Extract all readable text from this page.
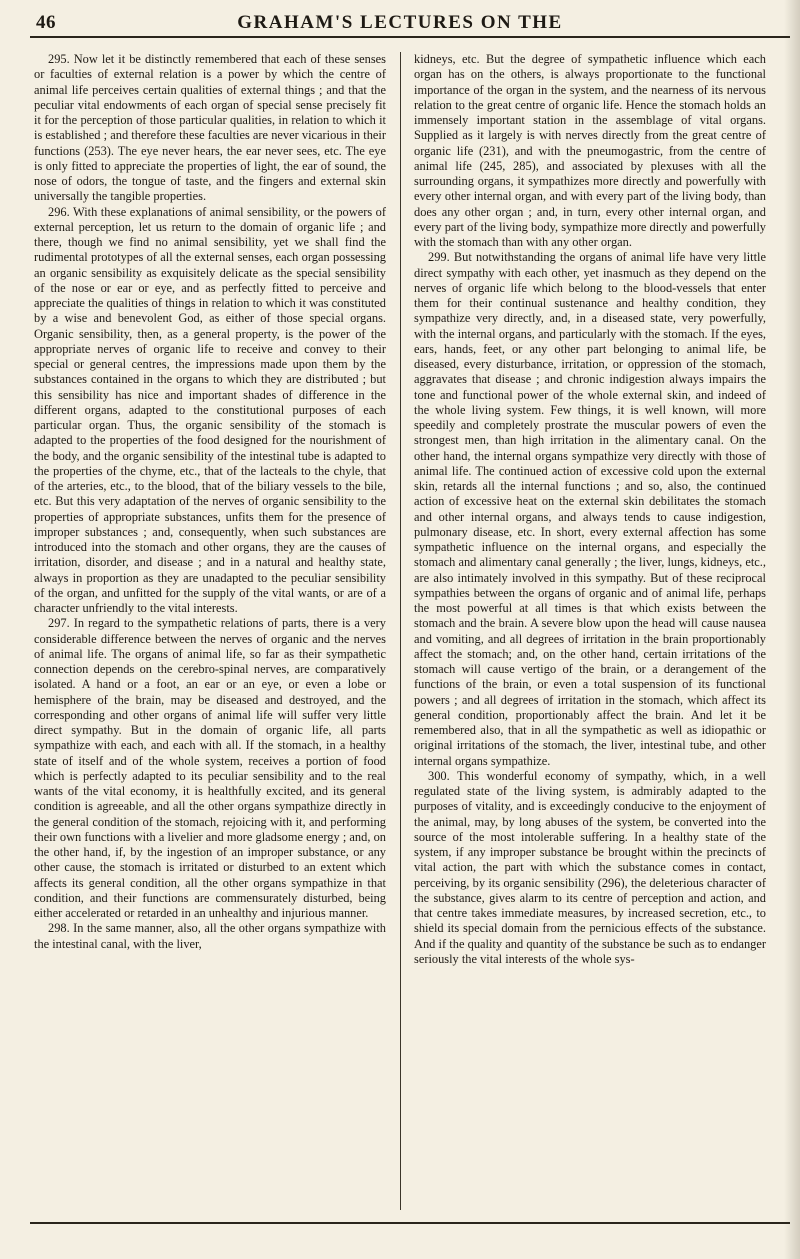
46	GRAHAM'S LECTURES ON THE

295. Now let it be distinctly remembered that each of these senses or faculties of external relation is a power by which the centre of animal life perceives certain qualities of external things ; and that the peculiar vital endowments of each organ of special sense precisely fit it for the perception of those particular qualities, in relation to which it is established ; and therefore these faculties are never vicarious in their functions (253). The eye never hears, the ear never sees, etc. The eye is only fitted to appreciate the properties of light, the ear of sound, the nose of odors, the tongue of taste, and the fingers and external skin universally the tangible properties.

296. With these explanations of animal sensibility, or the powers of external perception, let us return to the domain of organic life ; and there, though we find no animal sensibility, yet we shall find the rudimental prototypes of all the external senses, each organ possessing an organic sensibility as exquisitely delicate as the special sensibility of the nose or ear or eye, and as perfectly fitted to perceive and appreciate the qualities of things in relation to which it was constituted by a wise and benevolent God, as either of those special organs. Organic sensibility, then, as a general property, is the power of the appropriate nerves of organic life to receive and convey to their special or general centres, the impressions made upon them by the substances contained in the organs to which they are distributed ; but this sensibility has nice and important shades of difference in the different organs, adapted to the constitutional purposes of each particular organ. Thus, the organic sensibility of the stomach is adapted to the properties of the food designed for the nourishment of the body, and the organic sensibility of the intestinal tube is adapted to the properties of the chyme, etc., that of the lacteals to the chyle, that of the arteries, etc., to the blood, that of the biliary vessels to the bile, etc. But this very adaptation of the nerves of organic sensibility to the properties of appropriate substances, unfits them for the presence of improper substances ; and, consequently, when such substances are introduced into the stomach and other organs, they are the causes of irritation, disorder, and disease ; and in a natural and healthy state, always in proportion as they are unadapted to the peculiar sensibility of the organ, and unfitted for the supply of the vital wants, or are of a character unfriendly to the vital interests.

297. In regard to the sympathetic relations of parts, there is a very considerable difference between the nerves of organic and the nerves of animal life. The organs of animal life, so far as their sympathetic connection depends on the cerebro-spinal nerves, are comparatively isolated. A hand or a foot, an ear or an eye, or even a lobe or hemisphere of the brain, may be diseased and destroyed, and the corresponding and other organs of animal life will suffer very little direct sympathy. But in the domain of organic life, all parts sympathize with each, and each with all. If the stomach, in a healthy state of itself and of the whole system, receives a portion of food which is perfectly adapted to its peculiar sensibility and to the real wants of the vital economy, it is healthfully excited, and its general condition is agreeable, and all the other organs sympathize directly in the general condition of the stomach, rejoicing with it, and performing their own functions with a livelier and more gladsome energy ; and, on the other hand, if, by the ingestion of an improper substance, or any other cause, the stomach is irritated or disturbed to an extent which affects its general condition, all the other organs sympathize in that condition, and their functions are commensurately disturbed, being either accelerated or retarded in an unhealthy and injurious manner.

298. In the same manner, also, all the other organs sympathize with the intestinal canal, with the liver,

kidneys, etc. But the degree of sympathetic influence which each organ has on the others, is always proportionate to the functional importance of the organ in the system, and the nearness of its nervous relation to the great centre of organic life. Hence the stomach holds an immensely important station in the assemblage of vital organs. Supplied as it largely is with nerves directly from the great centre of organic life (231), and with the pneumogastric, from the centre of animal life (245, 285), and associated by plexuses with all the surrounding organs, it sympathizes more directly and powerfully with every other internal organ, and with every part of the living body, than does any other organ ; and, in turn, every other internal organ, and every part of the living body, sympathize more directly and powerfully with the stomach than with any other organ.

299. But notwithstanding the organs of animal life have very little direct sympathy with each other, yet inasmuch as they depend on the nerves of organic life which belong to the blood-vessels that enter them for their continual sustenance and healthy condition, they sympathize very directly, and, in a diseased state, very powerfully, with the internal organs, and particularly with the stomach. If the eyes, ears, hands, feet, or any other part belonging to animal life, be diseased, every disturbance, irritation, or oppression of the stomach, aggravates that disease ; and chronic indigestion always impairs the tone and functional power of the whole external skin, and indeed of the whole living system. Few things, it is well known, will more speedily and completely prostrate the muscular powers of even the strongest men, than high irritation in the alimentary canal. On the other hand, the internal organs sympathize very directly with those of animal life. The continued action of excessive cold upon the external skin, retards all the internal functions ; and so, also, the continued action of excessive heat on the external skin debilitates the stomach and other internal organs, and always tends to cause indigestion, pulmonary disease, etc. In short, every external affection has some sympathetic influence on the internal organs, and especially the stomach and alimentary canal generally ; the liver, lungs, kidneys, etc., are also intimately involved in this sympathy. But of these reciprocal sympathies between the organs of organic and of animal life, perhaps the most powerful at all times is that which exists between the stomach and the brain. A severe blow upon the head will cause nausea and vomiting, and all degrees of irritation in the brain proportionably affect the stomach; and, on the other hand, certain irritations of the stomach will cause vertigo of the brain, or a derangement of the functions of the brain, or even a total suspension of its functional powers ; and all degrees of irritation in the stomach, which affect its general condition, proportionably affect the brain. And let it be remembered also, that in all the sympathetic as well as idiopathic or original irritations of the stomach, the liver, intestinal tube, and other internal organs sympathize.

300. This wonderful economy of sympathy, which, in a well regulated state of the living system, is admirably adapted to the purposes of vitality, and is exceedingly conducive to the enjoyment of the animal, may, by long abuses of the system, be converted into the source of the most intolerable suffering. In a healthy state of the system, if any improper substance be brought within the precincts of vital action, the part with which the substance comes in contact, perceiving, by its organic sensibility (296), the deleterious character of the substance, gives alarm to its centre of perception and action, and that centre takes immediate measures, by increased secretion, etc., to shield its special domain from the pernicious effects of the substance. And if the quality and quantity of the substance be such as to endanger seriously the vital interests of the whole sys-
